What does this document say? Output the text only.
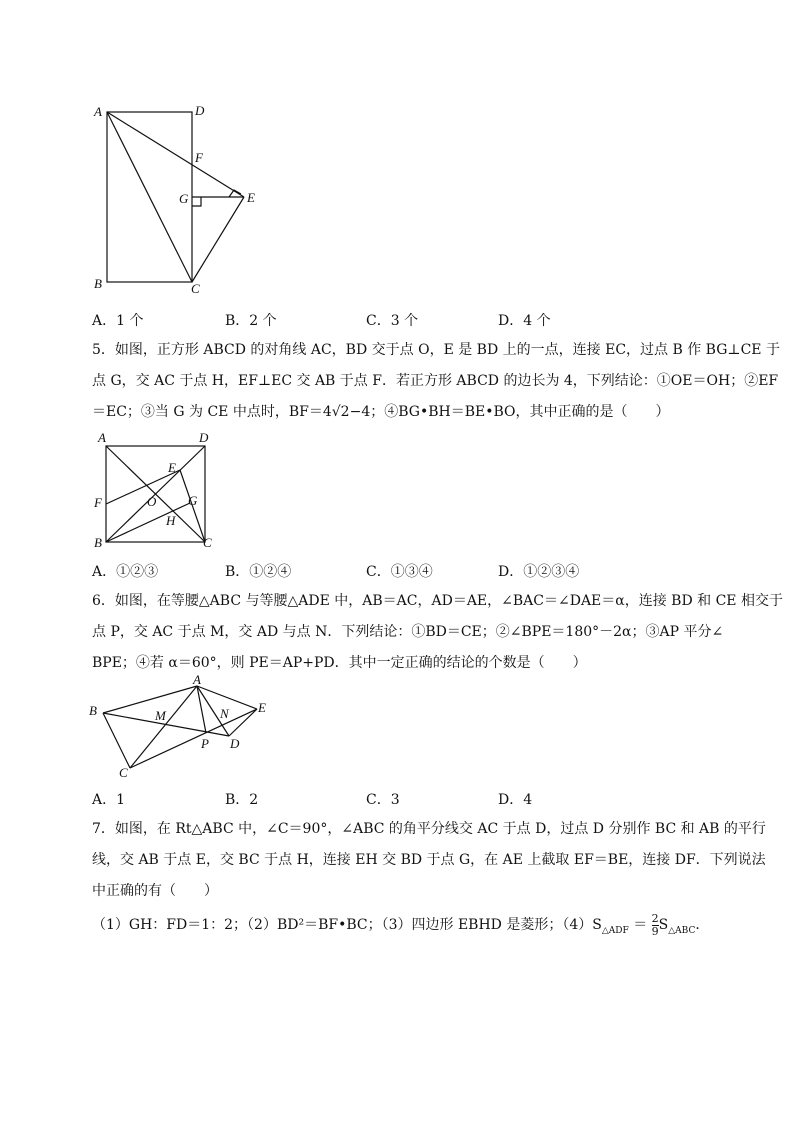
A	D
F
G	E
B	C
A．1 个	B．2 个	C．3 个	D．4 个
5．如图，正方形 ABCD 的对角线 AC，BD 交于点 O，E 是 BD 上的一点，连接 EC，过点 B 作 BG⊥CE 于
点 G，交 AC 于点 H，EF⊥EC 交 AB 于点 F．若正方形 ABCD 的边长为 4，下列结论：①OE＝OH；②EF
＝EC；③当 G 为 CE 中点时，BF＝4√2−4；④BG•BH＝BE•BO，其中正确的是（　　）
A	D
E
F	O G
H
B	C
A．①②③	B．①②④	C．①③④	D．①②③④
6．如图，在等腰△ABC 与等腰△ADE 中，AB＝AC，AD＝AE，∠BAC＝∠DAE＝α，连接 BD 和 CE 相交于
点 P，交 AC 于点 M，交 AD 与点 N．下列结论：①BD＝CE；②∠BPE＝180°－2α；③AP 平分∠
BPE；④若 α＝60°，则 PE＝AP+PD．其中一定正确的结论的个数是（　　）
A
B	M	N E
P D
C
A．1	B．2	C．3	D．4
7．如图，在 Rt△ABC 中，∠C＝90°，∠ABC 的角平分线交 AC 于点 D，过点 D 分别作 BC 和 AB 的平行
线，交 AB 于点 E，交 BC 于点 H，连接 EH 交 BD 于点 G，在 AE 上截取 EF＝BE，连接 DF．下列说法
中正确的有（　　）
（1）GH：FD＝1：2；（2）BD²＝BF•BC；（3）四边形 EBHD 是菱形；$(4)S_{\triangle ADF} = \frac{2}{9} S_{\triangle ABC}$．
